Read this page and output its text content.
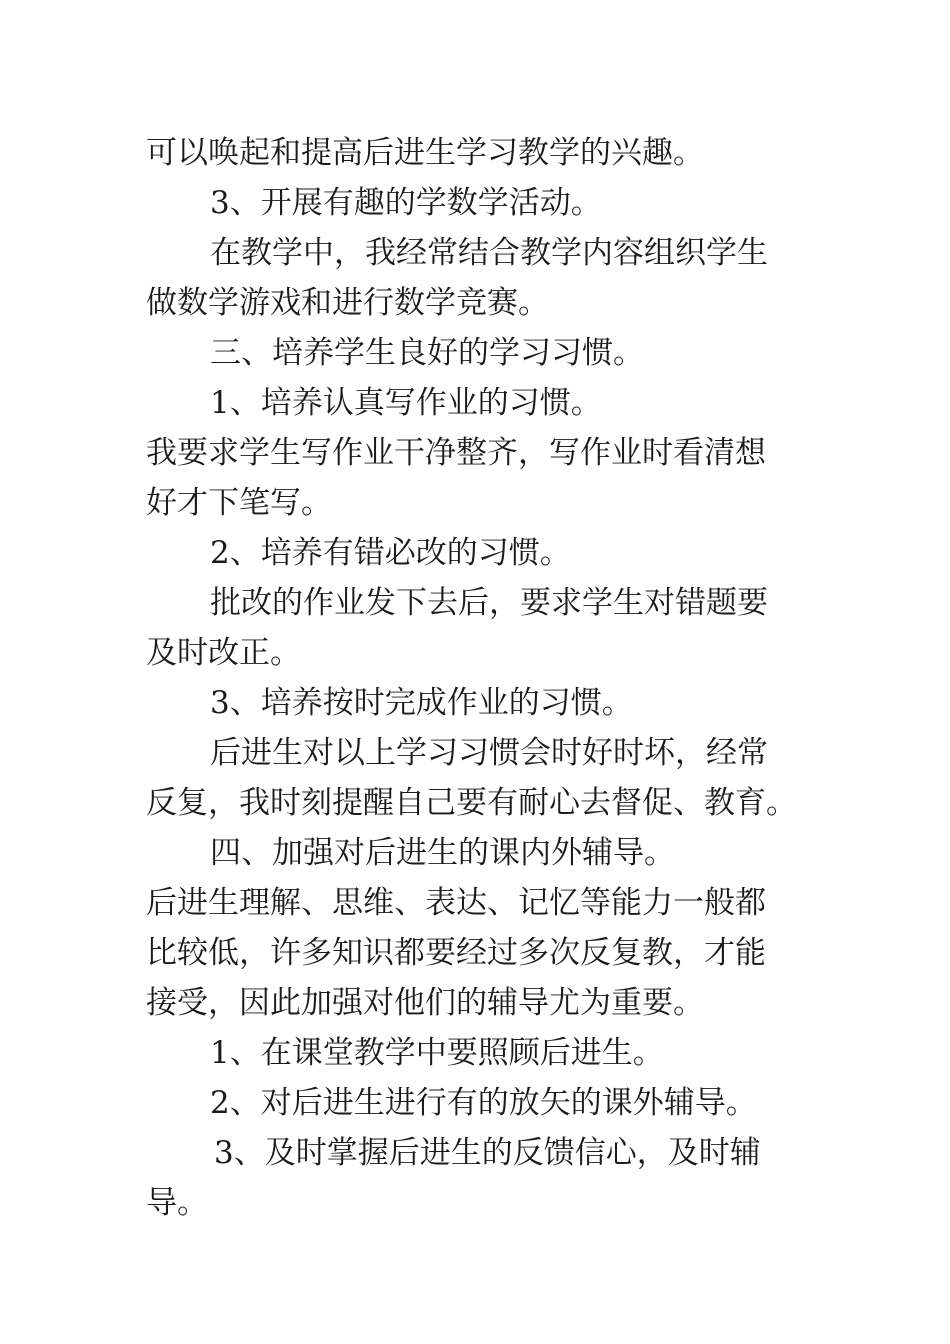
可以唤起和提高后进生学习教学的兴趣。

3、开展有趣的学数学活动。

在教学中，我经常结合教学内容组织学生

做数学游戏和进行数学竞赛。

三、培养学生良好的学习习惯。

1、培养认真写作业的习惯。

我要求学生写作业干净整齐，写作业时看清想

好才下笔写。

2、培养有错必改的习惯。

批改的作业发下去后，要求学生对错题要

及时改正。

3、培养按时完成作业的习惯。

后进生对以上学习习惯会时好时坏，经常

反复，我时刻提醒自己要有耐心去督促、教育。

四、加强对后进生的课内外辅导。

后进生理解、思维、表达、记忆等能力一般都

比较低，许多知识都要经过多次反复教，才能

接受，因此加强对他们的辅导尤为重要。

1、在课堂教学中要照顾后进生。

2、对后进生进行有的放矢的课外辅导。

3、及时掌握后进生的反馈信心，及时辅

导。
